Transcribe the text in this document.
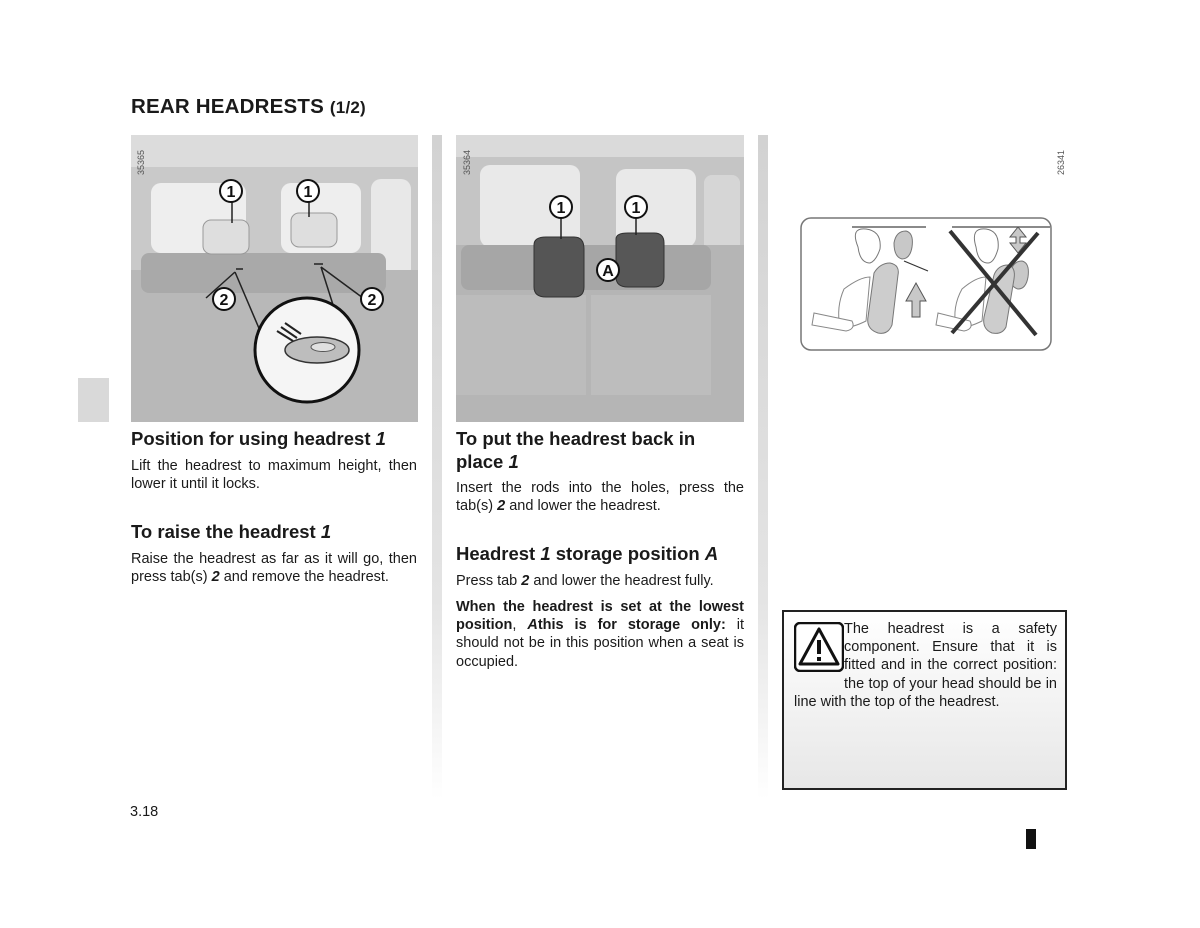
REAR HEADRESTS (1/2)
1	1
2	2
35365
1	1
A
35364	26341
Position for using headrest 1
Lift the headrest to maximum height, then lower it until it locks.
To raise the headrest 1
Raise the headrest as far as it will go, then press tab(s) 2 and remove the headrest.
To put the headrest back in place 1
Insert the rods into the holes, press the tab(s) 2 and lower the headrest.
Headrest 1 storage position A
Press tab 2 and lower the headrest fully.
When the headrest is set at the lowest position, Athis is for storage only: it should not be in this position when a seat is occupied.
The headrest is a safety component. Ensure that it is fitted and in the correct position: the top of your head should be in line with the top of the headrest.
3.18
